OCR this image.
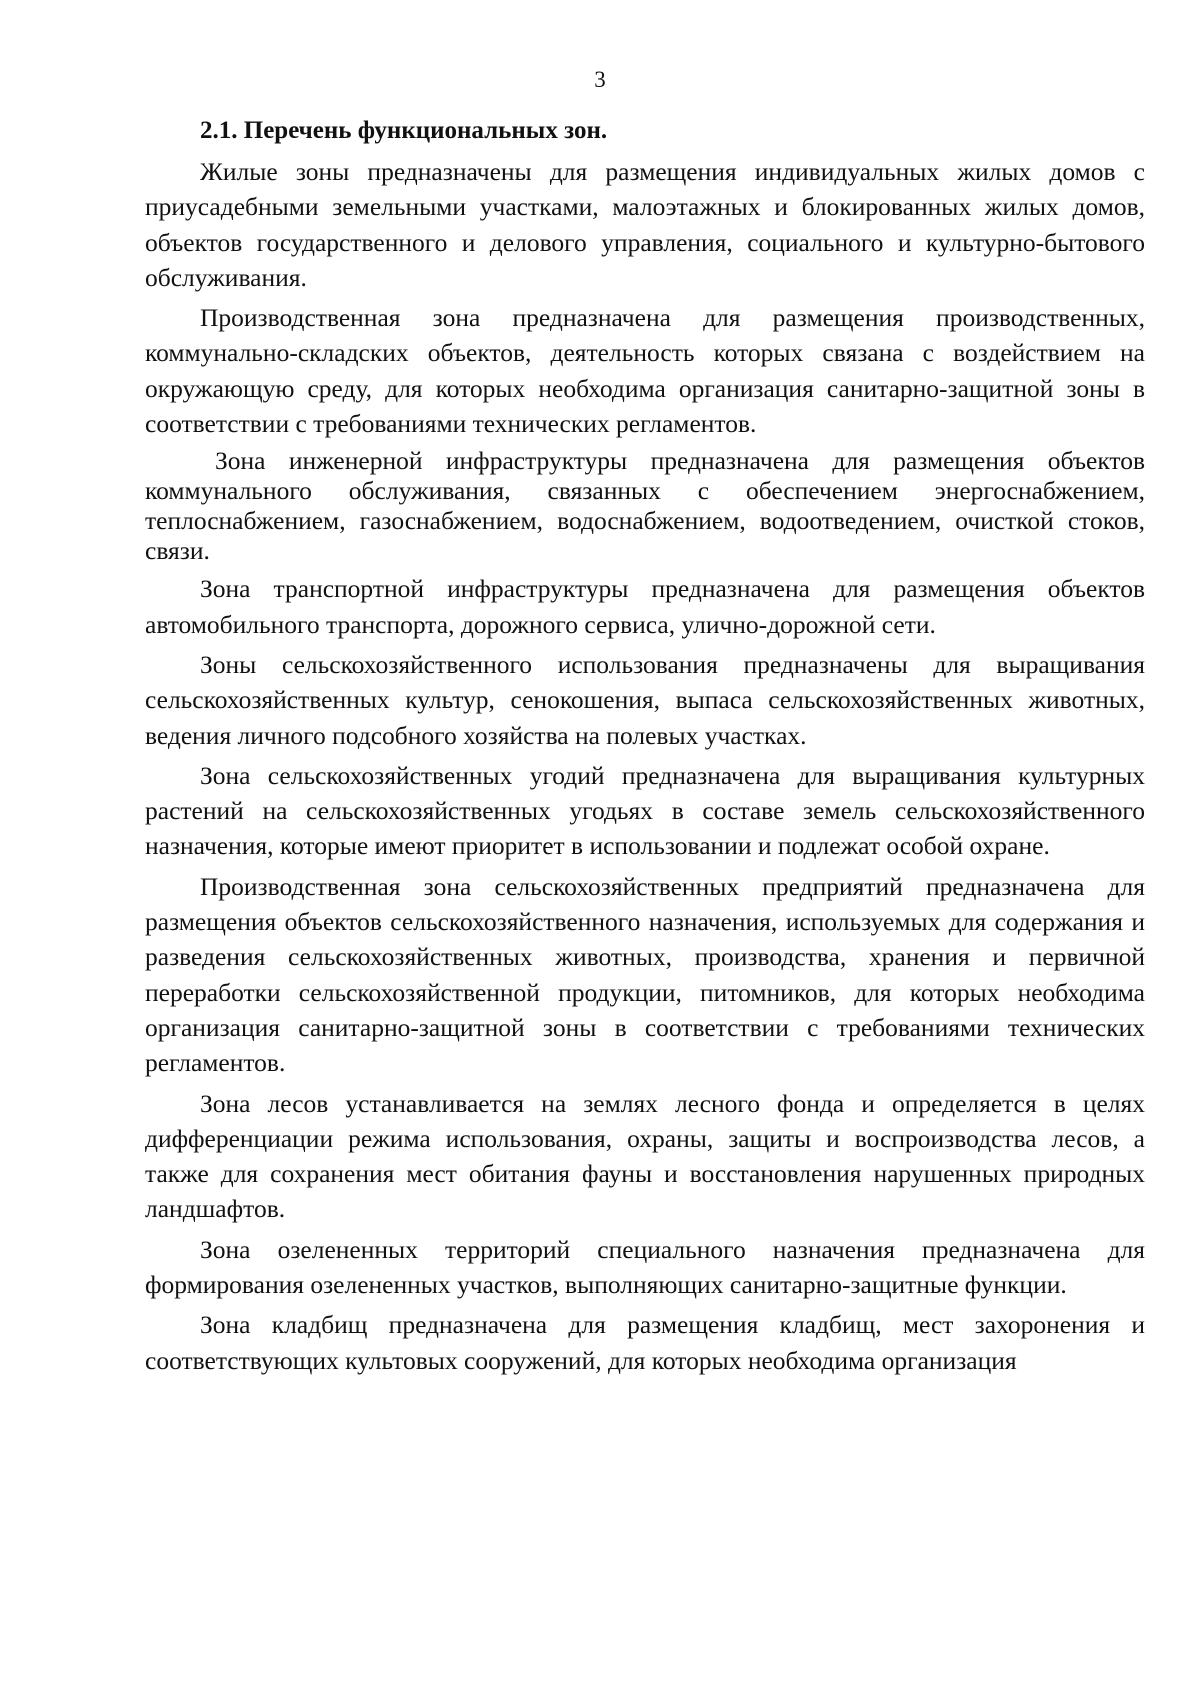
3

2.1. Перечень функциональных зон.

Жилые зоны предназначены для размещения индивидуальных жилых домов с приусадебными земельными участками, малоэтажных и блокированных жилых домов, объектов государственного и делового управления, социального и культурно-бытового обслуживания.

Производственная зона предназначена для размещения производственных, коммунально-складских объектов, деятельность которых связана с воздействием на окружающую среду, для которых необходима организация санитарно-защитной зоны в соответствии с требованиями технических регламентов.

Зона инженерной инфраструктуры предназначена для размещения объектов коммунального обслуживания, связанных с обеспечением энергоснабжением, теплоснабжением, газоснабжением, водоснабжением, водоотведением, очисткой стоков, связи.

Зона транспортной инфраструктуры предназначена для размещения объектов автомобильного транспорта, дорожного сервиса, улично-дорожной сети.

Зоны сельскохозяйственного использования предназначены для выращивания сельскохозяйственных культур, сенокошения, выпаса сельскохозяйственных животных, ведения личного подсобного хозяйства на полевых участках.

Зона сельскохозяйственных угодий предназначена для выращивания культурных растений на сельскохозяйственных угодьях в составе земель сельскохозяйственного назначения, которые имеют приоритет в использовании и подлежат особой охране.

Производственная зона сельскохозяйственных предприятий предназначена для размещения объектов сельскохозяйственного назначения, используемых для содержания и разведения сельскохозяйственных животных, производства, хранения и первичной переработки сельскохозяйственной продукции, питомников, для которых необходима организация санитарно-защитной зоны в соответствии с требованиями технических регламентов.

Зона лесов устанавливается на землях лесного фонда и определяется в целях дифференциации режима использования, охраны, защиты и воспроизводства лесов, а также для сохранения мест обитания фауны и восстановления нарушенных природных ландшафтов.

Зона озелененных территорий специального назначения предназначена для формирования озелененных участков, выполняющих санитарно-защитные функции.

Зона кладбищ предназначена для размещения кладбищ, мест захоронения и соответствующих культовых сооружений, для которых необходима организация
